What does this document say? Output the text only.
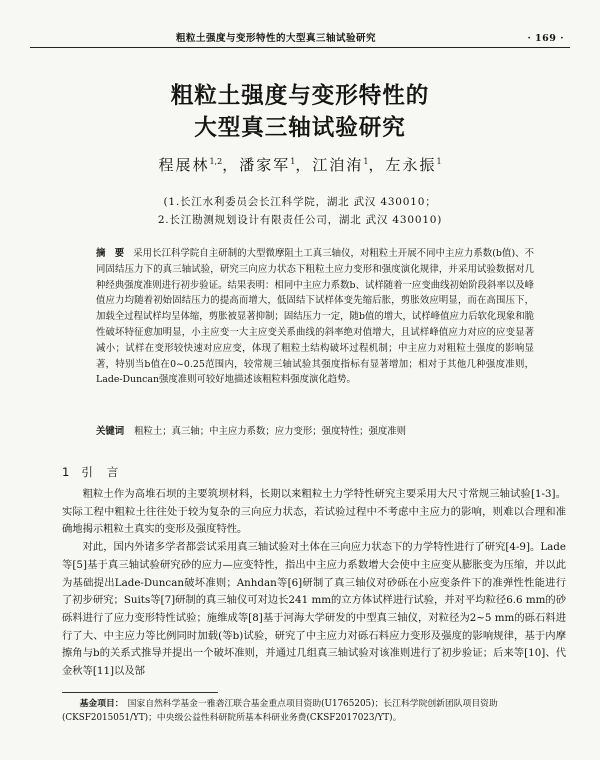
粗粒土强度与变形特性的大型真三轴试验研究	· 169 ·
粗粒土强度与变形特性的
大型真三轴试验研究
程展林$^{1,2}$，潘家军$^1$，江洎洧$^1$，左永振$^1$
(1.长江水利委员会长江科学院，湖北 武汉 430010；
2.长江勘测规划设计有限责任公司，湖北 武汉 430010)
摘 要 采用长江科学院自主研制的大型微摩阻土工真三轴仪，对粗粒土开展不同中主应力系数(b值)、不同固结压力下的真三轴试验，研究三向应力状态下粗粒土应力变形和强度演化规律，并采用试验数据对几种经典强度准则进行初步验证。结果表明：相同中主应力系数b、试样随着一应变曲线初始阶段斜率以及峰值应力均随着初始固结压力的提高而增大，低固结下试样体变先缩后胀，剪胀效应明显，而在高围压下，加载全过程试样均呈体缩，剪胀被显著抑制；固结压力一定，随b值的增大，试样峰值应力后软化现象和脆性破坏特征愈加明显，小主应变一大主应变关系曲线的斜率绝对值增大，且试样峰值应力对应的应变显著减小；试样在变形较快速对应应变，体现了粗粒土结构破坏过程机制；中主应力对粗粒土强度的影响显著，特别当b值在0~0.25范围内，较常规三轴试验其强度指标有显著增加；相对于其他几种强度准则，Lade-Duncan强度准则可较好地描述该粗粒料强度演化趋势。
关键词 粗粒土；真三轴；中主应力系数；应力变形；强度特性；强度准则
1 引言

粗粒土作为高堆石坝的主要筑坝材料，长期以来粗粒土力学特性研究主要采用大尺寸常规三轴试验[1-3]。实际工程中粗粒土往往处于较为复杂的三向应力状态，若试验过程中不考虑中主应力的影响，则难以合理和准确地揭示粗粒土真实的变形及强度特性。

对此，国内外诸多学者都尝试采用真三轴试验对土体在三向应力状态下的力学特性进行了研究[4-9]。Lade等[5]基于真三轴试验研究砂的应力—应变特性，指出中主应力系数增大会使中主应变从膨胀变为压缩，并以此为基础提出Lade-Duncan破坏准则；Anhdan等[6]研制了真三轴仪对砂砾在小应变条件下的准弹性性能进行了初步研究；Suits等[7]研制的真三轴仪可对边长241 mm的立方体试样进行试验，并对平均粒径6.6 mm的砂砾料进行了应力变形特性试验；施维成等[8]基于河海大学研发的中型真三轴仪，对粒径为2~5 mm的砾石料进行了大、中主应力等比例同时加载(等b)试验，研究了中主应力对砾石料应力变形及强度的影响规律，基于内摩擦角与b的关系式推导并提出一个破坏准则，并通过几组真三轴试验对该准则进行了初步验证；后来等[10]、代金秋等[11]以及郜

基金项目： 国家自然科学基金一雅砻江联合基金重点项目资助(U1765205)；长江科学院创新团队项目资助(CKSF2015051/YT)；中央级公益性科研院所基本科研业务费(CKSF2017023/YT)。
